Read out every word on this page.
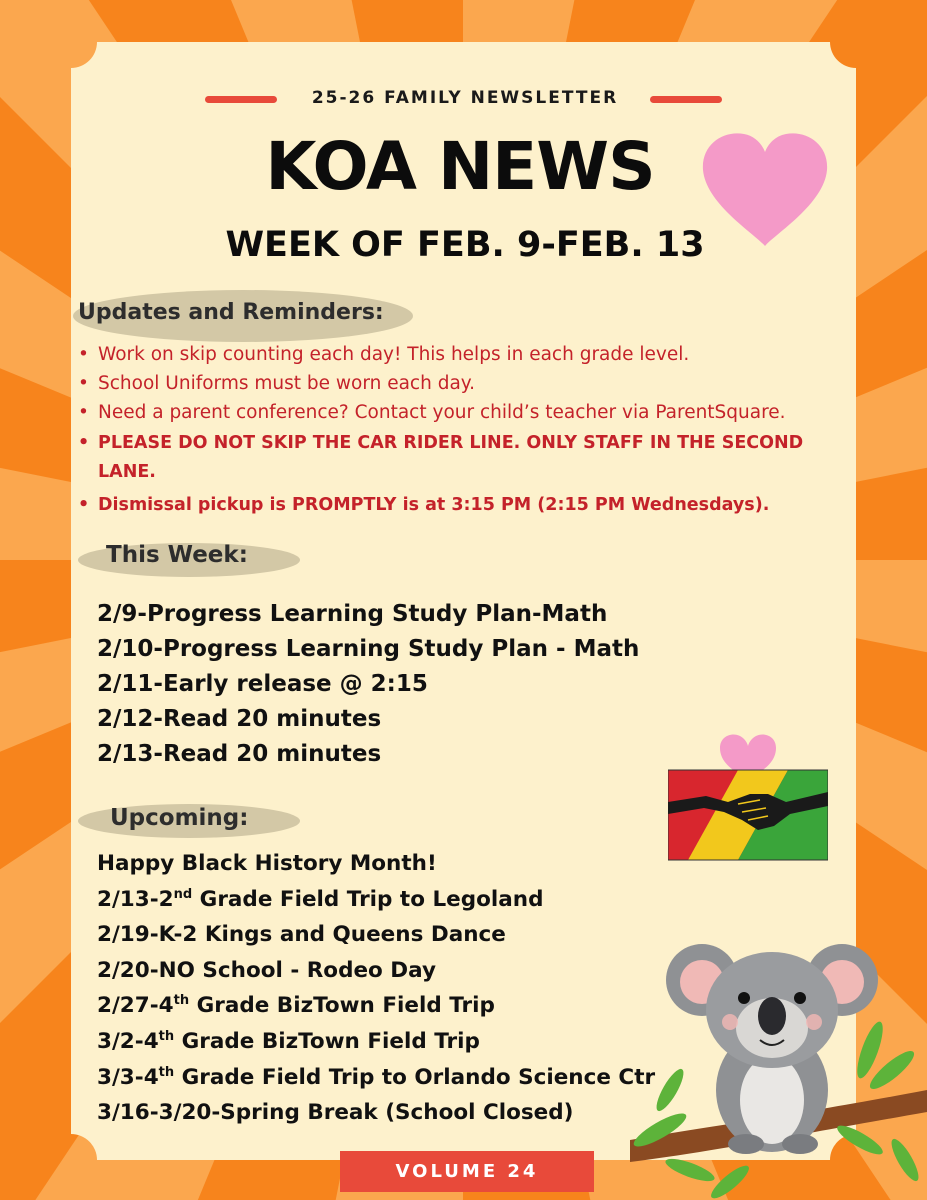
25-26 FAMILY NEWSLETTER
KOA NEWS
WEEK OF FEB. 9-FEB. 13
Updates and Reminders:
• Work on skip counting each day! This helps in each grade level.
• School Uniforms must be worn each day.
• Need a parent conference? Contact your child’s teacher via ParentSquare.
• PLEASE DO NOT SKIP THE CAR RIDER LINE. ONLY STAFF IN THE SECOND LANE.
• Dismissal pickup is PROMPTLY is at 3:15 PM (2:15 PM Wednesdays).
This Week:
2/9-Progress Learning Study Plan-Math
2/10-Progress Learning Study Plan - Math
2/11-Early release @ 2:15
2/12-Read 20 minutes
2/13-Read 20 minutes
Upcoming:
Happy Black History Month!
2/13-2nd Grade Field Trip to Legoland
2/19-K-2 Kings and Queens Dance
2/20-NO School - Rodeo Day
2/27-4th Grade BizTown Field Trip
3/2-4th Grade BizTown Field Trip
3/3-4th Grade Field Trip to Orlando Science Ctr
3/16-3/20-Spring Break (School Closed)
VOLUME 24
